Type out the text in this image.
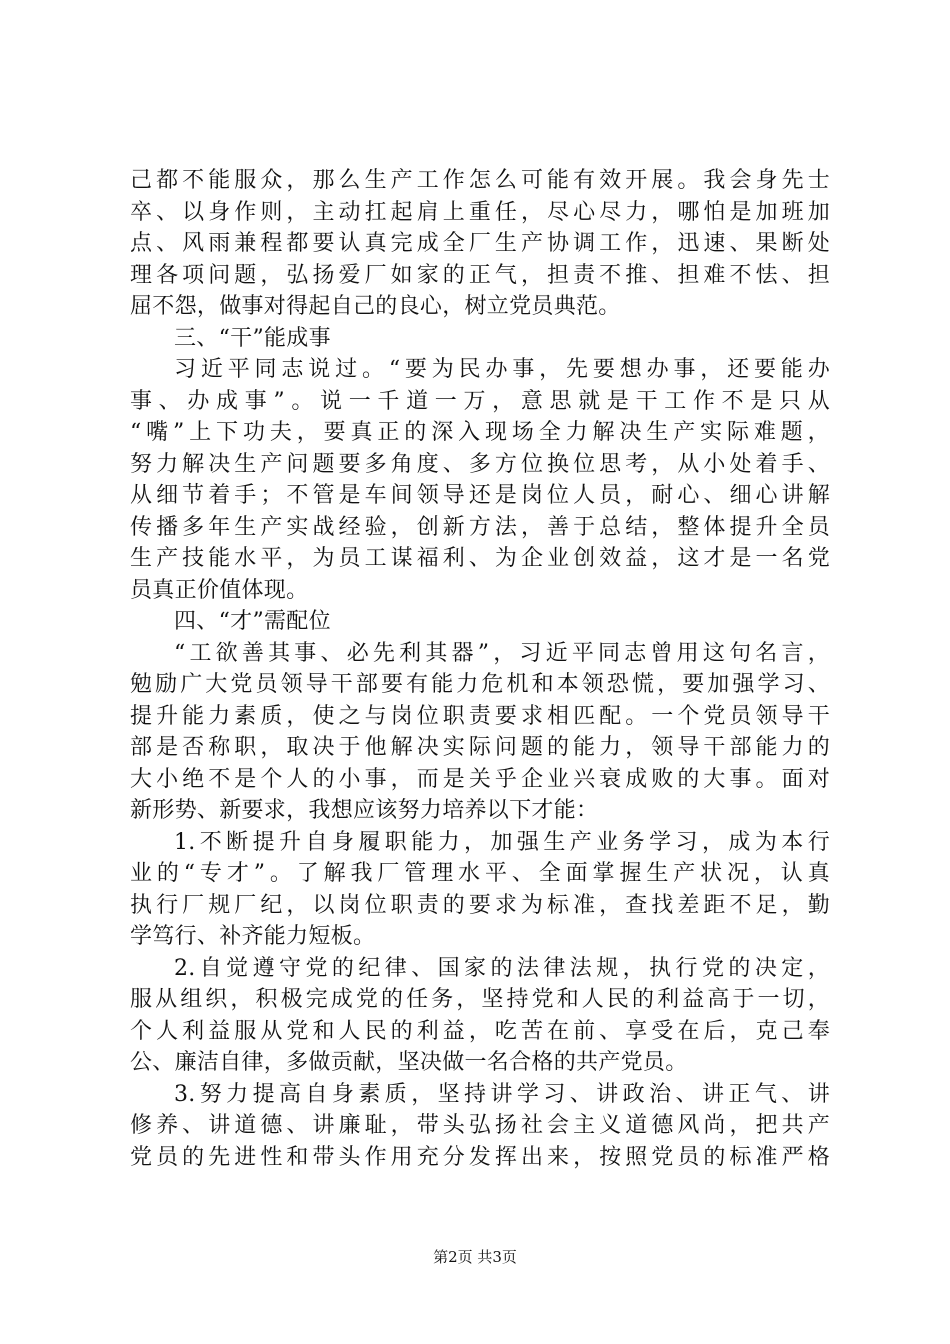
己都不能服众，那么生产工作怎么可能有效开展。我会身先士
卒、以身作则，主动扛起肩上重任，尽心尽力，哪怕是加班加
点、风雨兼程都要认真完成全厂生产协调工作，迅速、果断处
理各项问题，弘扬爱厂如家的正气，担责不推、担难不怯、担
屈不怨，做事对得起自己的良心，树立党员典范。
三、“干”能成事
习近平同志说过。“要为民办事，先要想办事，还要能办
事、办成事”。说一千道一万，意思就是干工作不是只从
“嘴”上下功夫，要真正的深入现场全力解决生产实际难题，
努力解决生产问题要多角度、多方位换位思考，从小处着手、
从细节着手；不管是车间领导还是岗位人员，耐心、细心讲解
传播多年生产实战经验，创新方法，善于总结，整体提升全员
生产技能水平，为员工谋福利、为企业创效益，这才是一名党
员真正价值体现。
四、“才”需配位
“工欲善其事、必先利其器”，习近平同志曾用这句名言，
勉励广大党员领导干部要有能力危机和本领恐慌，要加强学习、
提升能力素质，使之与岗位职责要求相匹配。一个党员领导干
部是否称职，取决于他解决实际问题的能力，领导干部能力的
大小绝不是个人的小事，而是关乎企业兴衰成败的大事。面对
新形势、新要求，我想应该努力培养以下才能：
1.不断提升自身履职能力，加强生产业务学习，成为本行
业的“专才”。了解我厂管理水平、全面掌握生产状况，认真
执行厂规厂纪，以岗位职责的要求为标准，查找差距不足，勤
学笃行、补齐能力短板。
2.自觉遵守党的纪律、国家的法律法规，执行党的决定，
服从组织，积极完成党的任务，坚持党和人民的利益高于一切，
个人利益服从党和人民的利益，吃苦在前、享受在后，克己奉
公、廉洁自律，多做贡献，坚决做一名合格的共产党员。
3.努力提高自身素质，坚持讲学习、讲政治、讲正气、讲
修养、讲道德、讲廉耻，带头弘扬社会主义道德风尚，把共产
党员的先进性和带头作用充分发挥出来，按照党员的标准严格
第2页 共3页
